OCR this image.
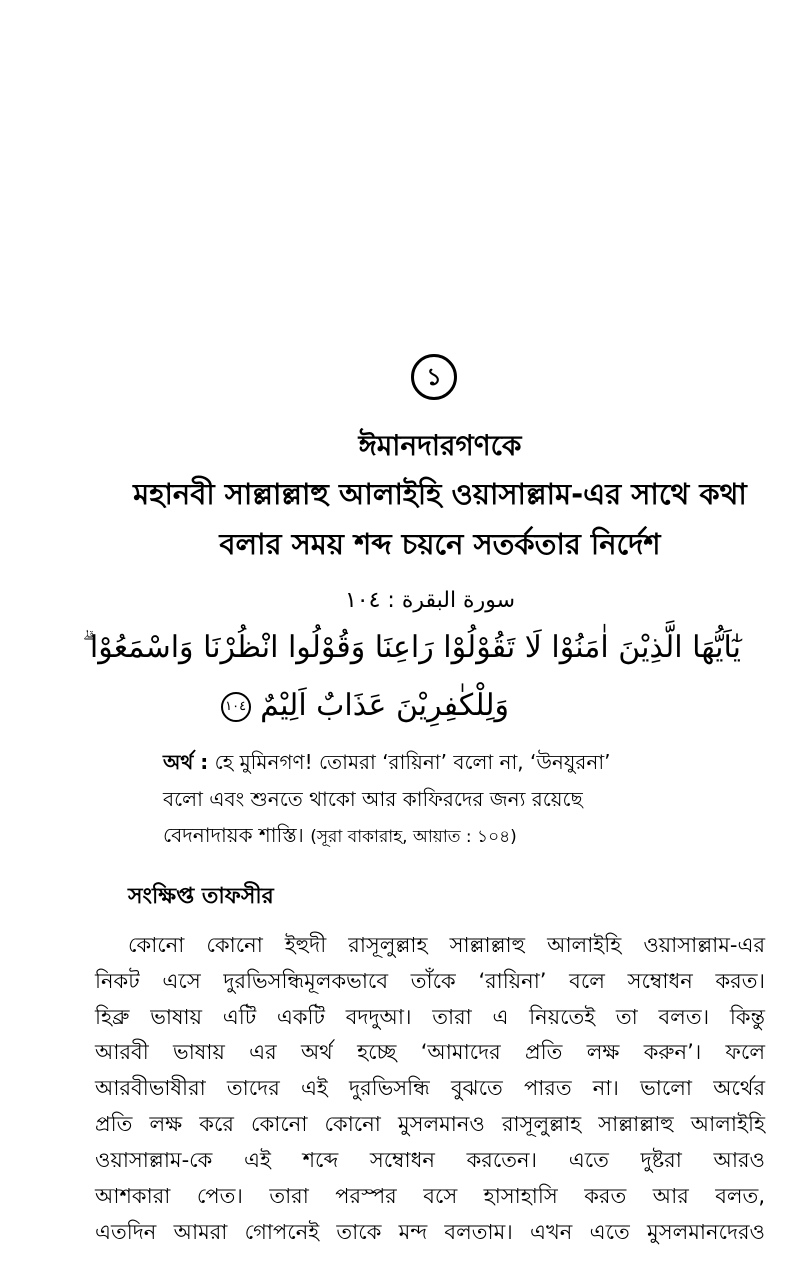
১
ঈমানদারগণকে
মহানবী সাল্লাল্লাহু আলাইহি ওয়াসাল্লাম-এর সাথে কথা
বলার সময় শব্দ চয়নে সতর্কতার নির্দেশ
سورة البقرة : ١٠٤
يٰٓاَيُّهَا الَّذِيْنَ اٰمَنُوْا لَا تَقُوْلُوْا رَاعِنَا وَقُوْلُوا انْظُرْنَا وَاسْمَعُوْا ۗ
وَلِلْكٰفِرِيْنَ عَذَابٌ اَلِيْمٌ ١٠٤
অর্থ : হে মুমিনগণ! তোমরা ‘রায়িনা’ বলো না, ‘উনযুরনা’
বলো এবং শুনতে থাকো আর কাফিরদের জন্য রয়েছে
বেদনাদায়ক শাস্তি। (সূরা বাকারাহ, আয়াত : ১০৪)
সংক্ষিপ্ত তাফসীর
কোনো কোনো ইহুদী রাসূলুল্লাহ সাল্লাল্লাহু আলাইহি ওয়াসাল্লাম-এর
নিকট এসে দুরভিসন্ধিমূলকভাবে তাঁকে ‘রায়িনা’ বলে সম্বোধন করত।
হিব্রু ভাষায় এটি একটি বদদুআ। তারা এ নিয়তেই তা বলত। কিন্তু
আরবী ভাষায় এর অর্থ হচ্ছে ‘আমাদের প্রতি লক্ষ করুন’। ফলে
আরবীভাষীরা তাদের এই দুরভিসন্ধি বুঝতে পারত না। ভালো অর্থের
প্রতি লক্ষ করে কোনো কোনো মুসলমানও রাসূলুল্লাহ সাল্লাল্লাহু আলাইহি
ওয়াসাল্লাম-কে এই শব্দে সম্বোধন করতেন। এতে দুষ্টরা আরও
আশকারা পেত। তারা পরস্পর বসে হাসাহাসি করত আর বলত,
এতদিন আমরা গোপনেই তাকে মন্দ বলতাম। এখন এতে মুসলমানদেরও
